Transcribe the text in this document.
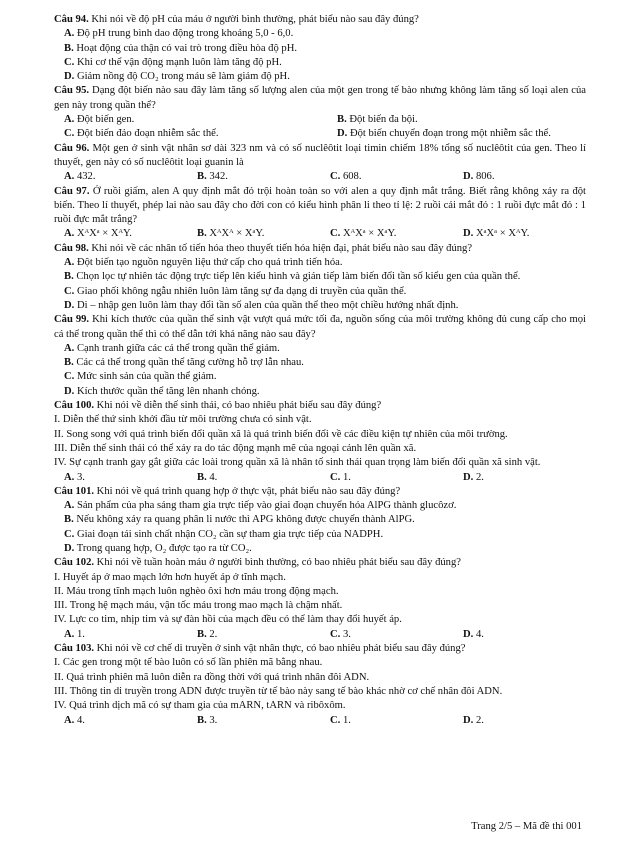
Câu 94. Khi nói về độ pH của máu ở người bình thường, phát biểu nào sau đây đúng?
A. Độ pH trung bình dao động trong khoảng 5,0 - 6,0.
B. Hoạt động của thận có vai trò trong điều hòa độ pH.
C. Khi cơ thể vận động mạnh luôn làm tăng độ pH.
D. Giảm nồng độ CO₂ trong máu sẽ làm giảm độ pH.
Câu 95. Dạng đột biến nào sau đây làm tăng số lượng alen của một gen trong tế bào nhưng không làm tăng số loại alen của gen này trong quần thể?
A. Đột biến gen.	B. Đột biến đa bội.
C. Đột biến đảo đoạn nhiễm sắc thể.	D. Đột biến chuyển đoạn trong một nhiễm sắc thể.
Câu 96. Một gen ở sinh vật nhân sơ dài 323 nm và có số nuclêôtit loại timin chiếm 18% tổng số nuclêôtit của gen. Theo lí thuyết, gen này có số nuclêôtit loại guanin là
A. 432.	B. 342.	C. 608.	D. 806.
Câu 97. Ở ruồi giấm, alen A quy định mắt đỏ trội hoàn toàn so với alen a quy định mắt trắng. Biết rằng không xảy ra đột biến. Theo lí thuyết, phép lai nào sau đây cho đời con có kiểu hình phân li theo tỉ lệ: 2 ruồi cái mắt đỏ : 1 ruồi đực mắt đỏ : 1 ruồi đực mắt trắng?
A. XᴬXᵃ × XᴬY.	B. XᴬXᴬ × XᵃY.	C. XᴬXᵃ × XᵃY.	D. XᵃXᵃ × XᴬY.
Câu 98. Khi nói về các nhân tố tiến hóa theo thuyết tiến hóa hiện đại, phát biểu nào sau đây đúng?
A. Đột biến tạo nguồn nguyên liệu thứ cấp cho quá trình tiến hóa.
B. Chọn lọc tự nhiên tác động trực tiếp lên kiểu hình và gián tiếp làm biến đổi tần số kiểu gen của quần thể.
C. Giao phối không ngẫu nhiên luôn làm tăng sự đa dạng di truyền của quần thể.
D. Di – nhập gen luôn làm thay đổi tần số alen của quần thể theo một chiều hướng nhất định.
Câu 99. Khi kích thước của quần thể sinh vật vượt quá mức tối đa, nguồn sống của môi trường không đủ cung cấp cho mọi cá thể trong quần thể thì có thể dẫn tới khả năng nào sau đây?
A. Cạnh tranh giữa các cá thể trong quần thể giảm.
B. Các cá thể trong quần thể tăng cường hỗ trợ lẫn nhau.
C. Mức sinh sản của quần thể giảm.
D. Kích thước quần thể tăng lên nhanh chóng.
Câu 100. Khi nói về diễn thế sinh thái, có bao nhiêu phát biểu sau đây đúng?
I. Diễn thế thứ sinh khởi đầu từ môi trường chưa có sinh vật.
II. Song song với quá trình biến đổi quần xã là quá trình biến đổi về các điều kiện tự nhiên của môi trường.
III. Diễn thế sinh thái có thể xảy ra do tác động mạnh mẽ của ngoại cảnh lên quần xã.
IV. Sự cạnh tranh gay gắt giữa các loài trong quần xã là nhân tố sinh thái quan trọng làm biến đổi quần xã sinh vật.
A. 3.	B. 4.	C. 1.	D. 2.
Câu 101. Khi nói về quá trình quang hợp ở thực vật, phát biểu nào sau đây đúng?
A. Sản phẩm của pha sáng tham gia trực tiếp vào giai đoạn chuyển hóa AlPG thành glucôzơ.
B. Nếu không xảy ra quang phân li nước thì APG không được chuyển thành AlPG.
C. Giai đoạn tái sinh chất nhận CO₂ cần sự tham gia trực tiếp của NADPH.
D. Trong quang hợp, O₂ được tạo ra từ CO₂.
Câu 102. Khi nói về tuần hoàn máu ở người bình thường, có bao nhiêu phát biểu sau đây đúng?
I. Huyết áp ở mao mạch lớn hơn huyết áp ở tĩnh mạch.
II. Máu trong tĩnh mạch luôn nghèo ôxi hơn máu trong động mạch.
III. Trong hệ mạch máu, vận tốc máu trong mao mạch là chậm nhất.
IV. Lực co tim, nhịp tim và sự đàn hồi của mạch đều có thể làm thay đổi huyết áp.
A. 1.	B. 2.	C. 3.	D. 4.
Câu 103. Khi nói về cơ chế di truyền ở sinh vật nhân thực, có bao nhiêu phát biểu sau đây đúng?
I. Các gen trong một tế bào luôn có số lần phiên mã bằng nhau.
II. Quá trình phiên mã luôn diễn ra đồng thời với quá trình nhân đôi ADN.
III. Thông tin di truyền trong ADN được truyền từ tế bào này sang tế bào khác nhờ cơ chế nhân đôi ADN.
IV. Quá trình dịch mã có sự tham gia của mARN, tARN và ribôxôm.
A. 4.	B. 3.	C. 1.	D. 2.
Trang 2/5 – Mã đề thi 001
